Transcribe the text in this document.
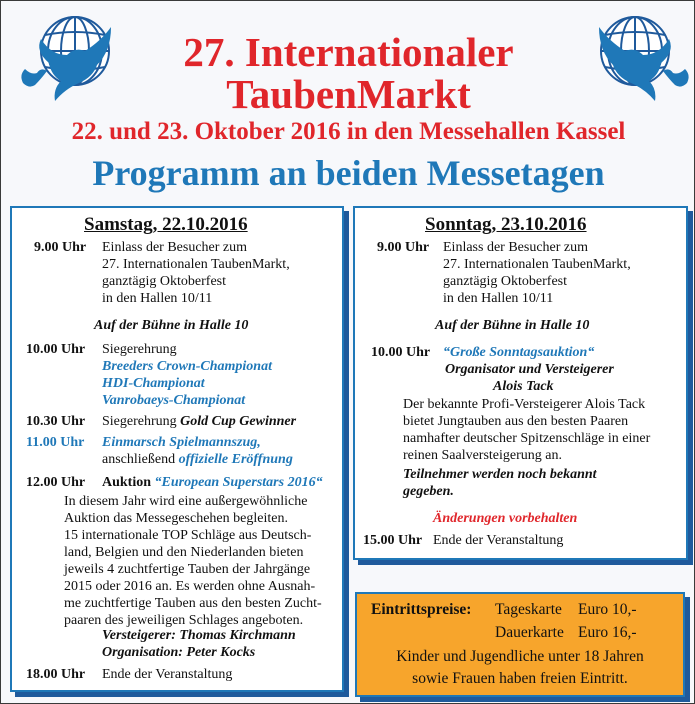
27. Internationaler
TaubenMarkt
22. und 23. Oktober 2016 in den Messehallen Kassel
Programm an beiden Messetagen
Samstag, 22.10.2016
9.00 Uhr Einlass der Besucher zum
27. Internationalen TaubenMarkt,
ganztägig Oktoberfest
in den Hallen 10/11
Auf der Bühne in Halle 10
10.00 Uhr Siegerehrung
Breeders Crown-Championat
HDI-Championat
Vanrobaeys-Championat
10.30 Uhr Siegerehrung Gold Cup Gewinner
11.00 Uhr Einmarsch Spielmannszug,
anschließend offizielle Eröffnung
12.00 Uhr Auktion “European Superstars 2016“
In diesem Jahr wird eine außergewöhnliche
Auktion das Messegeschehen begleiten.
15 internationale TOP Schläge aus Deutsch-
land, Belgien und den Niederlanden bieten
jeweils 4 zuchtfertige Tauben der Jahrgänge
2015 oder 2016 an. Es werden ohne Ausnah-
me zuchtfertige Tauben aus den besten Zucht-
paaren des jeweiligen Schlages angeboten.
Versteigerer: Thomas Kirchmann
Organisation: Peter Kocks
18.00 Uhr Ende der Veranstaltung
Sonntag, 23.10.2016
9.00 Uhr Einlass der Besucher zum
27. Internationalen TaubenMarkt,
ganztägig Oktoberfest
in den Hallen 10/11
Auf der Bühne in Halle 10
10.00 Uhr “Große Sonntagsauktion“
Organisator und Versteigerer
Alois Tack
Der bekannte Profi-Versteigerer Alois Tack
bietet Jungtauben aus den besten Paaren
namhafter deutscher Spitzenschläge in einer
reinen Saalversteigerung an.
Teilnehmer werden noch bekannt
gegeben.
Änderungen vorbehalten
15.00 Uhr Ende der Veranstaltung
Eintrittspreise: Tageskarte Euro 10,-
Dauerkarte Euro 16,-
Kinder und Jugendliche unter 18 Jahren
sowie Frauen haben freien Eintritt.
